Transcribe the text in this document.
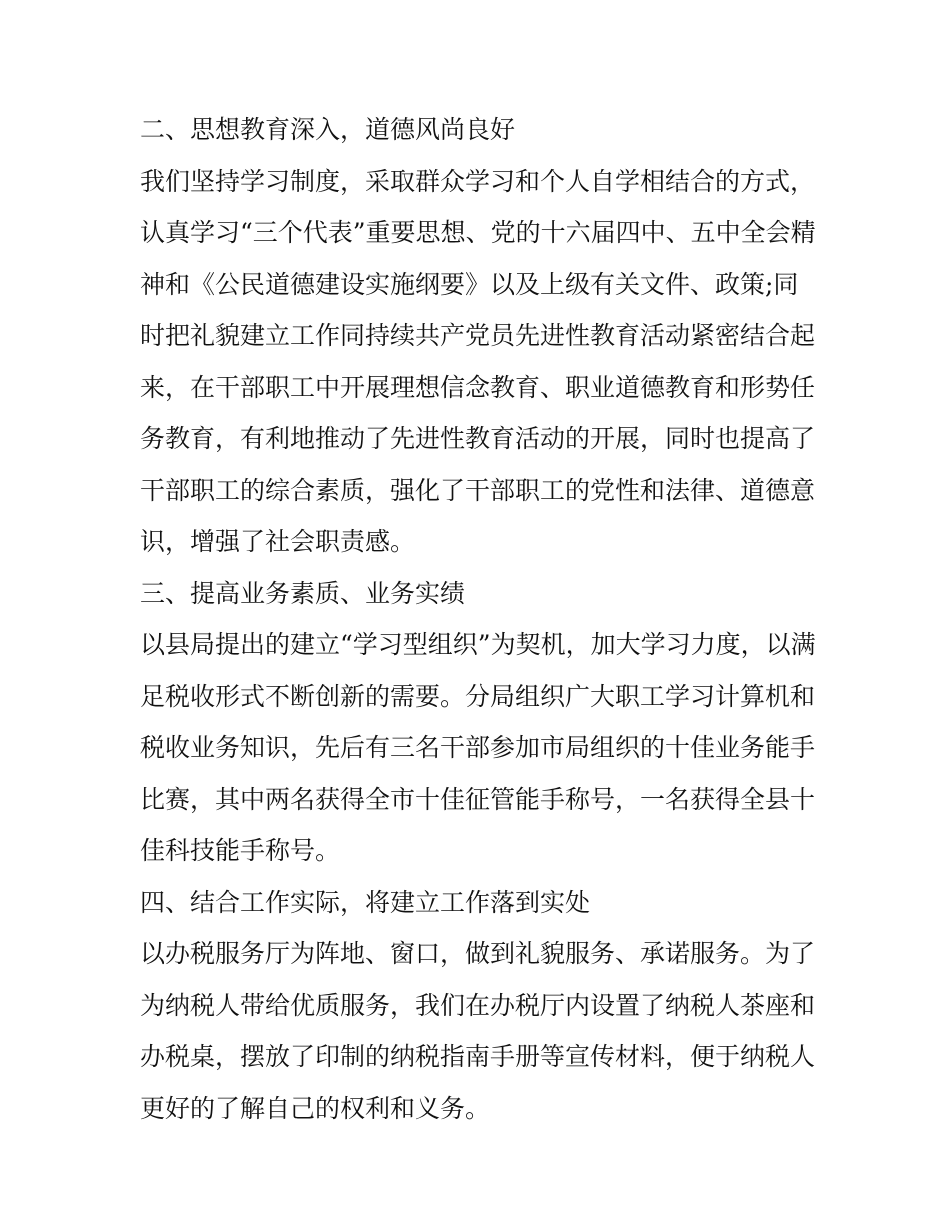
二、思想教育深入，道德风尚良好
我们坚持学习制度，采取群众学习和个人自学相结合的方式，
认真学习“三个代表”重要思想、党的十六届四中、五中全会精
神和《公民道德建设实施纲要》以及上级有关文件、政策;同
时把礼貌建立工作同持续共产党员先进性教育活动紧密结合起
来，在干部职工中开展理想信念教育、职业道德教育和形势任
务教育，有利地推动了先进性教育活动的开展，同时也提高了
干部职工的综合素质，强化了干部职工的党性和法律、道德意
识，增强了社会职责感。
三、提高业务素质、业务实绩
以县局提出的建立“学习型组织”为契机，加大学习力度，以满
足税收形式不断创新的需要。分局组织广大职工学习计算机和
税收业务知识，先后有三名干部参加市局组织的十佳业务能手
比赛，其中两名获得全市十佳征管能手称号，一名获得全县十
佳科技能手称号。
四、结合工作实际，将建立工作落到实处
以办税服务厅为阵地、窗口，做到礼貌服务、承诺服务。为了
为纳税人带给优质服务，我们在办税厅内设置了纳税人茶座和
办税桌，摆放了印制的纳税指南手册等宣传材料，便于纳税人
更好的了解自己的权利和义务。
